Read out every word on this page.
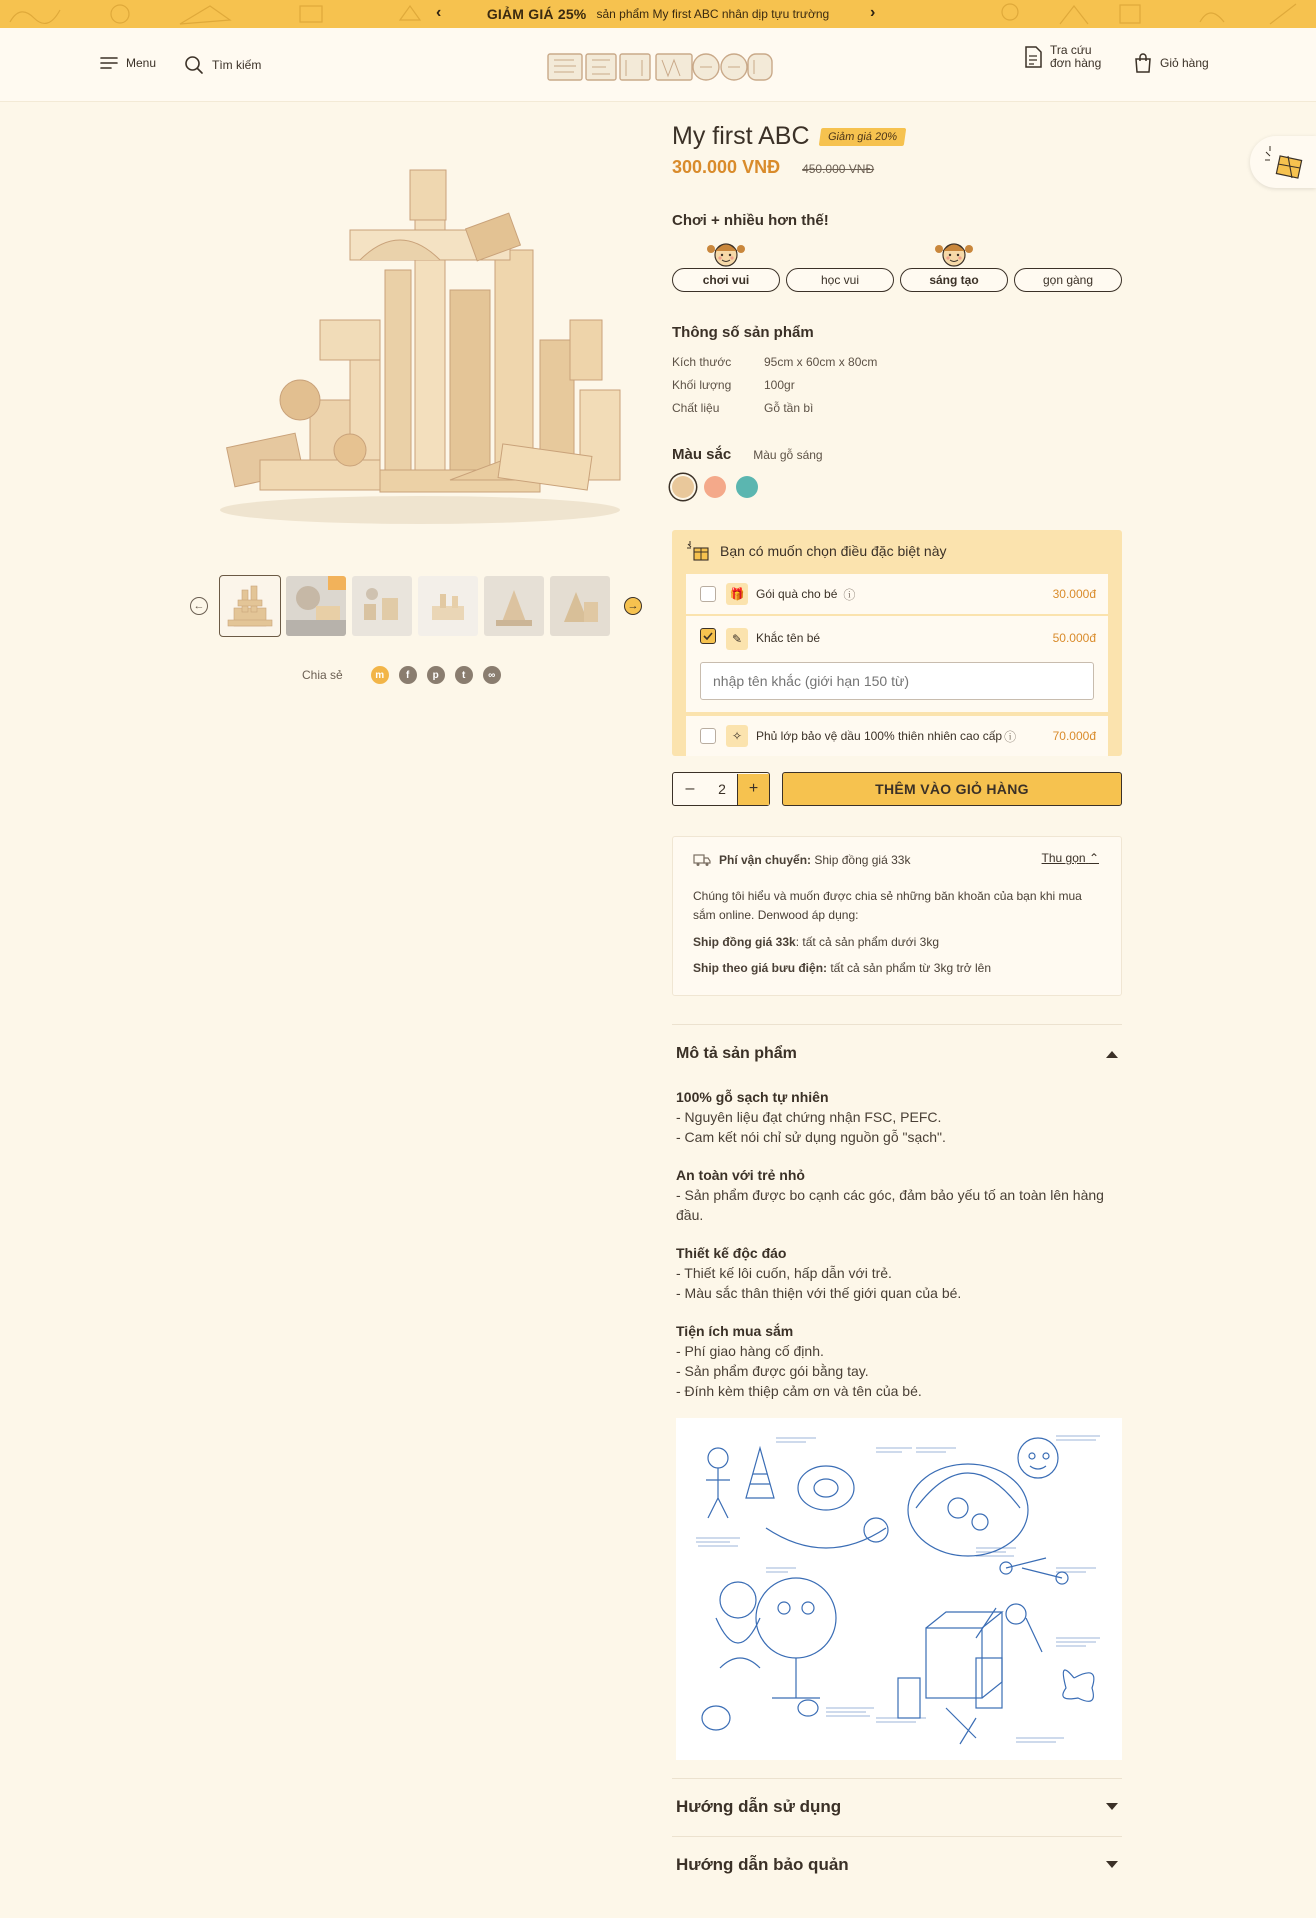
‹	GIẢM GIÁ 25% sản phẩm My first ABC nhân dịp tựu trường	›
Menu	Tìm kiếm
Tra cứu
đơn hàng	Giỏ hàng
←	→
Chia sẻ	m	f	p	t	∞
My first ABC	Giảm giá 20%
300.000 VNĐ 450.000 VNĐ
Chơi + nhiều hơn thế!
chơi vui	học vui	sáng tạo	gọn gàng
Thông số sản phẩm
Kích thước	95cm x 60cm x 80cm
Khối lượng	100gr
Chất liệu	Gỗ tần bì
Màu sắc Màu gỗ sáng
Bạn có muốn chọn điều đặc biệt này
🎁 Gói quà cho bé ⓘ	30.000đ
✎	Khắc tên bé	50.000đ
nhập tên khắc (giới hạn 150 từ)
✧	Phủ lớp bảo vệ dầu 100% thiên nhiên cao cấp ⓘ	70.000đ
–	2	+	THÊM VÀO GIỎ HÀNG
Phí vận chuyển: Ship đồng giá 33k	Thu gọn ⌃

Chúng tôi hiểu và muốn được chia sẻ những băn khoăn của bạn khi mua sắm online. Denwood áp dụng:

Ship đồng giá 33k: tất cả sản phẩm dưới 3kg

Ship theo giá bưu điện: tất cả sản phẩm từ 3kg trở lên

Mô tả sản phẩm
100% gỗ sạch tự nhiên
- Nguyên liệu đạt chứng nhận FSC, PEFC.
- Cam kết nói chỉ sử dụng nguồn gỗ "sạch".
An toàn với trẻ nhỏ
- Sản phẩm được bo cạnh các góc, đảm bảo yếu tố an toàn lên hàng đầu.
Thiết kế độc đáo
- Thiết kế lôi cuốn, hấp dẫn với trẻ.
- Màu sắc thân thiện với thế giới quan của bé.
Tiện ích mua sắm
- Phí giao hàng cố định.
- Sản phẩm được gói bằng tay.
- Đính kèm thiệp cảm ơn và tên của bé.
Hướng dẫn sử dụng
Hướng dẫn bảo quản
